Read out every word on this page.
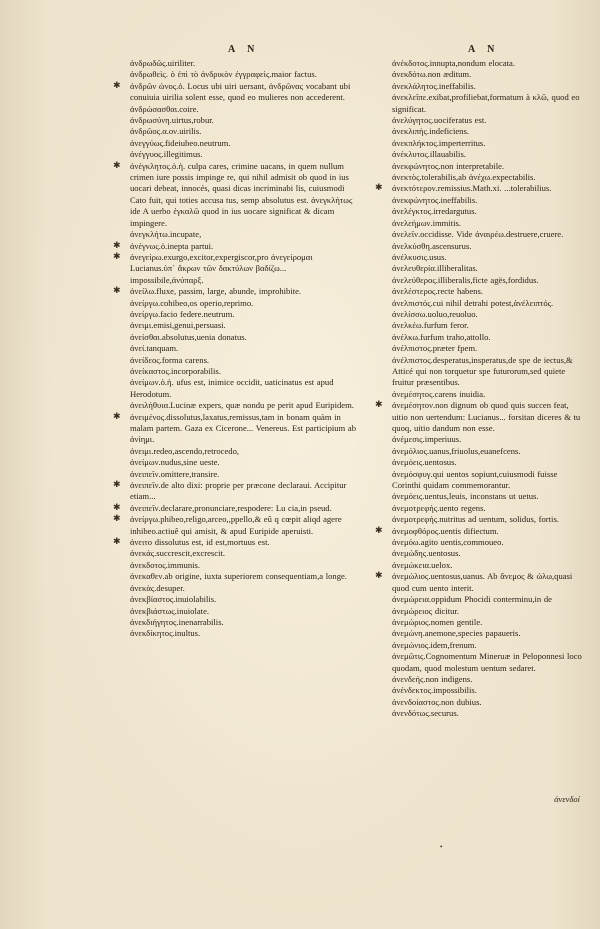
A N	A N

ἀνδρωδῶς.uiriliter.

ἀνδρωθεὶς. ὁ ἐπὶ τὸ ἀνδρικὸν ἐγγραφεὶς.maior factus.

✱ ἀνδρῶν ὠνος.ὁ. Locus ubi uiri uersant, ἀνδρῶνας vocabant ubi conuiuia uirilia solent esse, quod eo mulieres non accederent.

ἀνδρώσασθαι.coire.

ἀνδρωσύνη.uirtus,robur.

ἀνδρῶος.α.ον.uirilis.

ἀνεγγύως.fideiubeo.neutrum.

ἀνέγγυος.illegitimus.

✱ ἀνέγκλητος.ὁ.ἡ. culpa cares, crimine uacans, in quem nullum crimen iure possis impinge re, qui nihil admisit ob quod in ius uocari debeat, innocés, quasi dicas incriminabi lis, cuiusmodi Cato fuit, qui toties accusa tus, semp absolutus est. ἀνεγκλήτως ide A uerbo ἐγκαλῶ quod in ius uocare significat & dicam impingere.

ἀνεγκλήτω.incupate,

✱ ἀνέγνως.ὁ.inepta partui.

✱ ἀνεγείρω.exurgo,excitor,expergiscor,pro ἀνεγείρομαι Lucianus.ὑπ᾽ ἄκρων τῶν δακτύλων βαδίζω... impossibile,ἀνύπαρξ.

✱ ἀνείλω.fluxe, passim, large, abunde, improhibite.

ἀνείργω.cohibeo,os operio,reprimo.

ἀνείργω.facio federe.neutrum.

ἀνειμι.emisi,genui,persuasi.

ἀνείσθαι.absolutus,uenia donatus.

ἀνεί.tanquam.

ἀνείδεος.forma carens.

ἀνείκαστος.incorporabilis.

ἀνείμων.ὁ.ἡ. ufus est, inimice occidit, uaticinatus est apud Herodotum.

ἀνειλήθυια.Lucinæ expers, quæ nondu pe perit apud Euripidem.

✱ ἀνειμένος.dissolutus,laxatus,remissus,tam in bonam quàm in malam partem. Gaza ex Cicerone... Venereus. Est participium ab ἀνίημι.

ἀνειμι.redeo,ascendo,retrocedo,

ἀνείμων.nudus,sine ueste.

ἀνειπεῖν.omittere,transire.

✱ ἀνειπεῖν.de alto dixi: proprie per præcone declaraui. Accipitur etiam...

✱ ἀνειπεῖν.declarare,pronunciare,respodere: Lu cia,in pseud.

✱ ἀνείργω.phibeo,religo,arceo,,ppello,& eû q cœpit aliqd agere inhibeo.actiuê qui amisit, & apud Euripide aperuisti.

✱ ἀνειτο dissolutus est, id est,mortuus est.

ἀνεκάς.succrescit,excrescit.

ἀνεκδοτος.immunis.

ἀνεκαθεν.ab origine, iuxta superiorem consequentiam,a longe.

ἀνεκὰς.desuper.

ἀνεκβίαστος.inuiolabilis.

ἀνεκβιάστως.inuiolate.

ἀνεκδιήγητος.inenarrabilis.

ἀνεκδίκητος.inultus.

ἀνέκδοτος.innupta,nondum elocata.

ἀνεκδότω.non æditum.

ἀνεκλάλητος.ineffabilis.

ἀνεκλεῖπε.exibat,profiliebat,formatum à κλῶ, quod eo significat.

ἀνελύγητος.uociferatus est.

ἀνεκλιπὴς.indeficiens.

ἀνεκπλήκτος.imperterritus.

ἀνέκλυτος.illauabilis.

ἀνεκφώνητος.non interpretabile.

ἀνεκτὸς.tolerabilis,ab ἀνέχω.expectabilis.

✱ ἀνεκτότερον.remissius.Math.xi. ...tolerabilius.

ἀνεκφώνητος.ineffabilis.

ἀνελέγκτος.irredargutus.

ἀνελεήμων.immitis.

ἀνελεῖν.occidisse. Vide ἀναιρέω.destruere,cruere.

ἀνελκύσθη.ascensurus.

ἀνέλκυσις.usus.

ἀνελευθερία.illiberalitas.

ἀνελεύθερος.illiberalis,ficte agës,fordidus.

ἀνελέστερος.recte habens.

ἀνελπιστός.cui nihil detrahi potest,ἀνέλειπτός.

ἀνελίσσω.uoluo,reuoluo.

ἀνελκέω.furfum feror.

ἀνέλκω.furfum traho,attollo.

ἀνέλπιστος.præter fpem.

ἀνέλπιστος.desperatus,insperatus,de spe de iectus,& Atticé qui non torquetur spe futurorum,sed quiete fruitur præsentibus.

ἀνεμέσητος.carens inuidia.

✱ ἀνεμέσητον.non dignum ob quod quis succen feat, uitio non uertendum: Lucianus... forsitan diceres & tu quoq, uitio dandum non esse.

ἀνέμεσις.imperiuus.

ἀνεμόλιος.uanus,friuolus,euanefcens.

ἀνεμόεις.uentosus.

ἀνεμόσφυγ.qui uentos sopiunt,cuiusmodi fuisse Corinthi quidam commemorantur.

ἀνεμόεις.uentus,leuis, inconstans ut uetus.

ἀνεμοτρεφής.uento regens.

ἀνεμοτρεφής.nutritus ad uentum, solidus, fortis.

✱ ἀνεμοφθόρος.uentis difiectum.

ἀνεμόω.agito uentis,commoueo.

ἀνεμώδης.uentosus.

ἀνεμώκεια.uelox.

✱ ἀνεμώλιος.uentosus,uanus. Ab ἄνεμος & ὠλω,quasi quod cum uento interit.

ἀνεμώρεια.oppidum Phocidi conterminu,in de ἀνεμώρειος dicitur.

ἀνεμώριος.nomen gentile.

ἀνεμώνη.anemone,species papaueris.

ἀνεμώνιος.idem,frenum.

ἀνεμῶτις.Cognomentum Mineruæ in Peloponnesi loco quodam, quod molestum uentum sedaret.

ἀνενδεής.non indigens.

ἀνένδεκτος.impossibilis.

ἀνενδοίαστος.non dubius.

ἀνενδότως.securus.

ἀνενδοί
•
